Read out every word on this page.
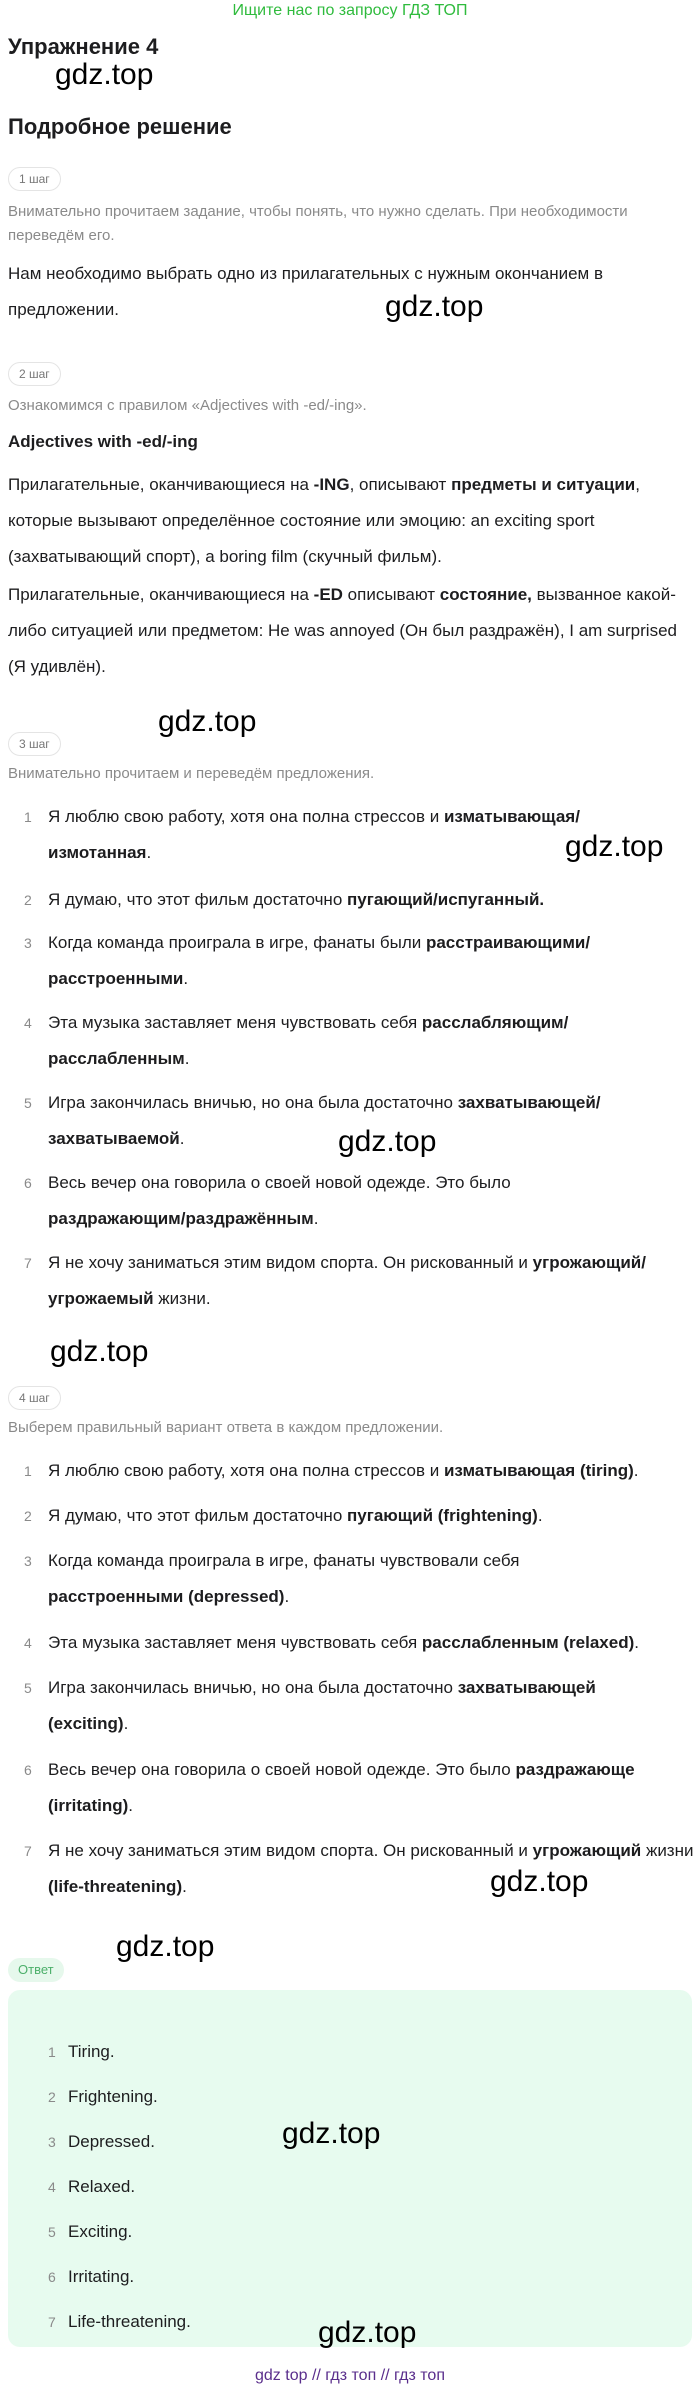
Ищите нас по запросу ГДЗ ТОП
Упражнение 4
gdz.top
Подробное решение
1 шаг
Внимательно прочитаем задание, чтобы понять, что нужно сделать. При необходимости переведём его.
Нам необходимо выбрать одно из прилагательных с нужным окончанием в предложении.	gdz.top
2 шаг
Ознакомимся с правилом «Adjectives with -ed/-ing».
Adjectives with -ed/-ing
Прилагательные, оканчивающиеся на -ING, описывают предметы и ситуации, которые вызывают определённое состояние или эмоцию: an exciting sport (захватывающий спорт), a boring film (скучный фильм).
Прилагательные, оканчивающиеся на -ED описывают состояние, вызванное какой-либо ситуацией или предметом: He was annoyed (Он был раздражён), I am surprised (Я удивлён).
gdz.top
3 шаг
Внимательно прочитаем и переведём предложения.
1 Я люблю свою работу, хотя она полна стрессов и изматывающая/ измотанная.	gdz.top
2 Я думаю, что этот фильм достаточно пугающий/испуганный.
3 Когда команда проиграла в игре, фанаты были расстраивающими/ расстроенными.
4 Эта музыка заставляет меня чувствовать себя расслабляющим/ расслабленным.
5 Игра закончилась вничью, но она была достаточно захватывающей/ захватываемой.	gdz.top
6 Весь вечер она говорила о своей новой одежде. Это было раздражающим/раздражённым.
7 Я не хочу заниматься этим видом спорта. Он рискованный и угрожающий/ угрожаемый жизни.
gdz.top
4 шаг
Выберем правильный вариант ответа в каждом предложении.
1 Я люблю свою работу, хотя она полна стрессов и изматывающая (tiring).
2 Я думаю, что этот фильм достаточно пугающий (frightening).
3 Когда команда проиграла в игре, фанаты чувствовали себя расстроенными (depressed).
4 Эта музыка заставляет меня чувствовать себя расслабленным (relaxed).
5 Игра закончилась вничью, но она была достаточно захватывающей (exciting).
6 Весь вечер она говорила о своей новой одежде. Это было раздражающе (irritating).
7 Я не хочу заниматься этим видом спорта. Он рискованный и угрожающий жизни (life-threatening).	gdz.top
Ответ
gdz.top
1 Tiring.
2 Frightening.
3 Depressed.
4 Relaxed.
5 Exciting.
6 Irritating.
7 Life-threatening.
gdz.top
gdz.top
gdz top // гдз топ // гдз топ
